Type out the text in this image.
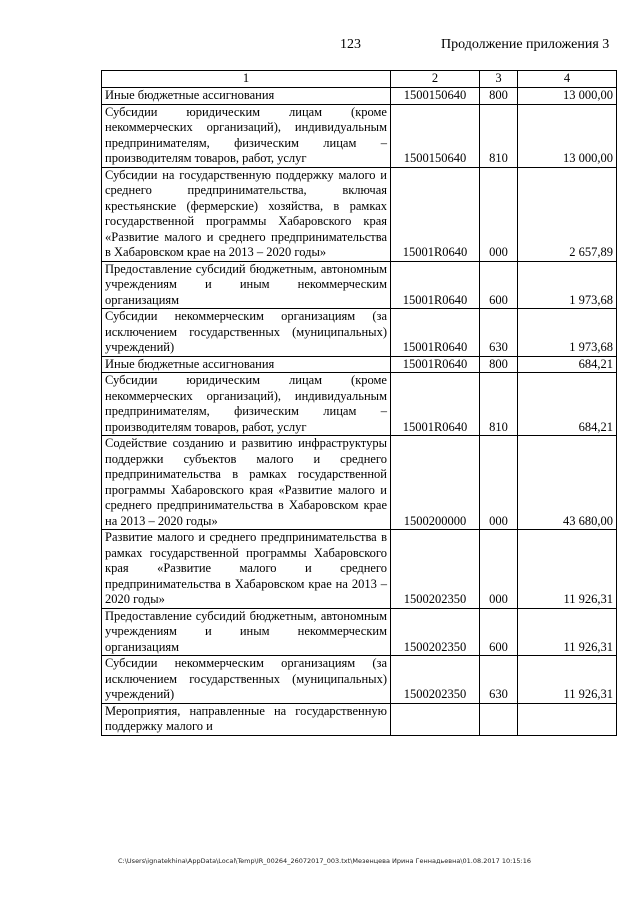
123	Продолжение приложения 3
1	2	3	4
Иные бюджетные ассигнования	1500150640	800	13 000,00
Субсидии юридическим лицам (кроме некоммерческих организаций), индивидуальным предпринимателям, физическим лицам – производителям товаров, работ, услуг	1500150640	810	13 000,00
Субсидии на государственную поддержку малого и среднего предпринимательства, включая крестьянские (фермерские) хозяйства, в рамках государственной программы Хабаровского края «Развитие малого и среднего предпринимательства в Хабаровском крае на 2013 – 2020 годы»	15001R0640	000	2 657,89
Предоставление субсидий бюджетным, автономным учреждениям и иным некоммерческим организациям	15001R0640	600	1 973,68
Субсидии некоммерческим организациям (за исключением государственных (муниципальных) учреждений)	15001R0640	630	1 973,68
Иные бюджетные ассигнования	15001R0640	800	684,21
Субсидии юридическим лицам (кроме некоммерческих организаций), индивидуальным предпринимателям, физическим лицам – производителям товаров, работ, услуг	15001R0640	810	684,21
Содействие созданию и развитию инфраструктуры поддержки субъектов малого и среднего предпринимательства в рамках государственной программы Хабаровского края «Развитие малого и среднего предпринимательства в Хабаровском крае на 2013 – 2020 годы»	1500200000	000	43 680,00
Развитие малого и среднего предпринимательства в рамках государственной программы Хабаровского края «Развитие малого и среднего предпринимательства в Хабаровском крае на 2013 – 2020 годы»	1500202350	000	11 926,31
Предоставление субсидий бюджетным, автономным учреждениям и иным некоммерческим организациям	1500202350	600	11 926,31
Субсидии некоммерческим организациям (за исключением государственных (муниципальных) учреждений)	1500202350	630	11 926,31
Мероприятия, направленные на государственную поддержку малого и			
C:\Users\ignatekhina\AppData\Local\Temp\IR_00264_26072017_003.txt\Мезенцева Ирина Геннадьевна\01.08.2017 10:15:16
